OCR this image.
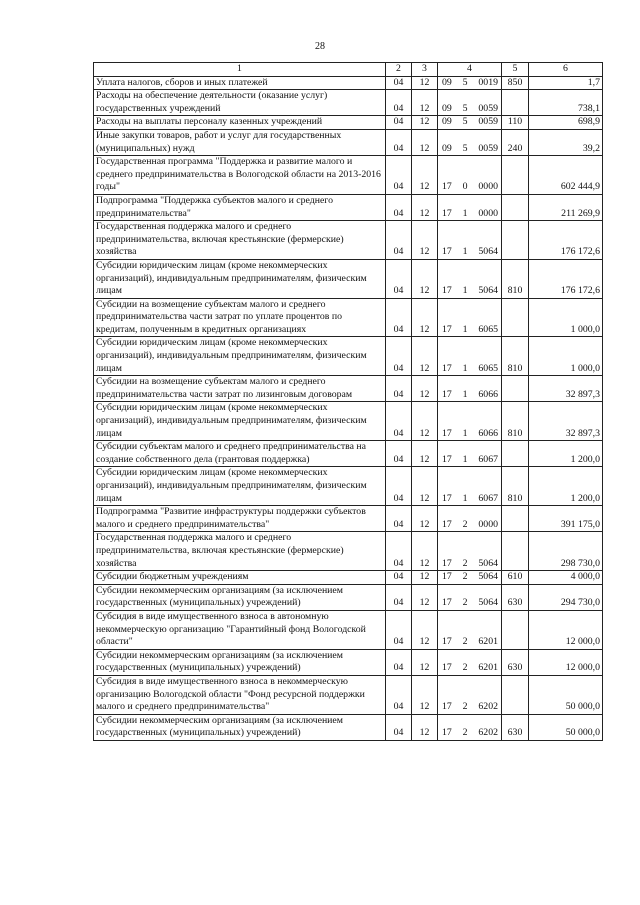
28
1	2	3	4	5	6
Уплата налогов, сборов и иных платежей	04	12	09 5 0019	850	1,7
Расходы на обеспечение деятельности (оказание услуг) государственных учреждений	04	12	09 5 0059		738,1
Расходы на выплаты персоналу казенных учреждений	04	12	09 5 0059	110	698,9
Иные закупки товаров, работ и услуг для государственных (муниципальных) нужд	04	12	09 5 0059	240	39,2
Государственная программа "Поддержка и развитие малого и среднего предпринимательства в Вологодской области на 2013-2016 годы"	04	12	17 0 0000		602 444,9
Подпрограмма "Поддержка субъектов малого и среднего предпринимательства"	04	12	17 1 0000		211 269,9
Государственная поддержка малого и среднего предпринимательства, включая крестьянские (фермерские) хозяйства	04	12	17 1 5064		176 172,6
Субсидии юридическим лицам (кроме некоммерческих организаций), индивидуальным предпринимателям, физическим лицам	04	12	17 1 5064	810	176 172,6
Субсидии на возмещение субъектам малого и среднего предпринимательства части затрат по уплате процентов по кредитам, полученным в кредитных организациях	04	12	17 1 6065		1 000,0
Субсидии юридическим лицам (кроме некоммерческих организаций), индивидуальным предпринимателям, физическим лицам	04	12	17 1 6065	810	1 000,0
Субсидии на возмещение субъектам малого и среднего предпринимательства части затрат по лизинговым договорам	04	12	17 1 6066		32 897,3
Субсидии юридическим лицам (кроме некоммерческих организаций), индивидуальным предпринимателям, физическим лицам	04	12	17 1 6066	810	32 897,3
Субсидии субъектам малого и среднего предпринимательства на создание собственного дела (грантовая поддержка)	04	12	17 1 6067		1 200,0
Субсидии юридическим лицам (кроме некоммерческих организаций), индивидуальным предпринимателям, физическим лицам	04	12	17 1 6067	810	1 200,0
Подпрограмма "Развитие инфраструктуры поддержки субъектов малого и среднего предпринимательства"	04	12	17 2 0000		391 175,0
Государственная поддержка малого и среднего предпринимательства, включая крестьянские (фермерские) хозяйства	04	12	17 2 5064		298 730,0
Субсидии бюджетным учреждениям	04	12	17 2 5064	610	4 000,0
Субсидии некоммерческим организациям (за исключением государственных (муниципальных) учреждений)	04	12	17 2 5064	630	294 730,0
Субсидия в виде имущественного взноса в автономную некоммерческую организацию "Гарантийный фонд Вологодской области"	04	12	17 2 6201		12 000,0
Субсидии некоммерческим организациям (за исключением государственных (муниципальных) учреждений)	04	12	17 2 6201	630	12 000,0
Субсидия в виде имущественного взноса в некоммерческую организацию Вологодской области "Фонд ресурсной поддержки малого и среднего предпринимательства"	04	12	17 2 6202		50 000,0
Субсидии некоммерческим организациям (за исключением государственных (муниципальных) учреждений)	04	12	17 2 6202	630	50 000,0
